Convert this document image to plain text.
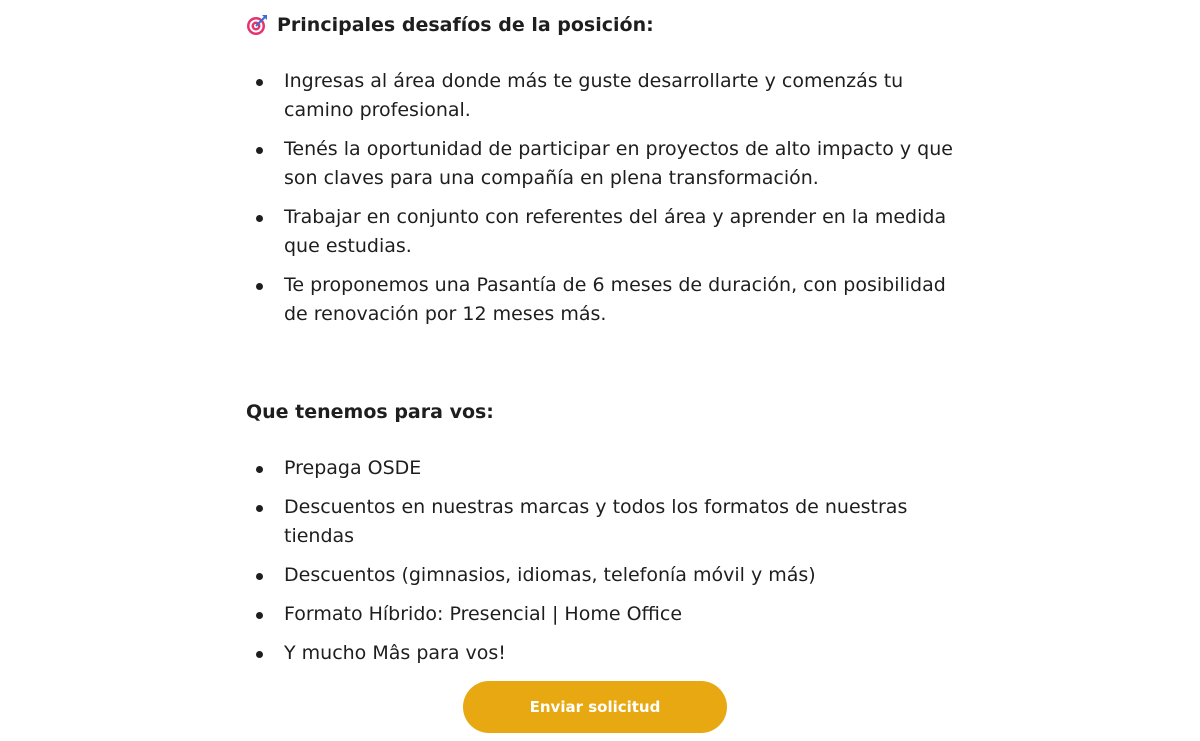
Principales desafíos de la posición:
Ingresas al área donde más te guste desarrollarte y comenzás tu camino profesional.
Tenés la oportunidad de participar en proyectos de alto impacto y que son claves para una compañía en plena transformación.
Trabajar en conjunto con referentes del área y aprender en la medida que estudias.
Te proponemos una Pasantía de 6 meses de duración, con posibilidad de renovación por 12 meses más.
Que tenemos para vos:
Prepaga OSDE
Descuentos en nuestras marcas y todos los formatos de nuestras tiendas
Descuentos (gimnasios, idiomas, telefonía móvil y más)
Formato Híbrido: Presencial | Home Office
Y mucho Mâs para vos!
Enviar solicitud
